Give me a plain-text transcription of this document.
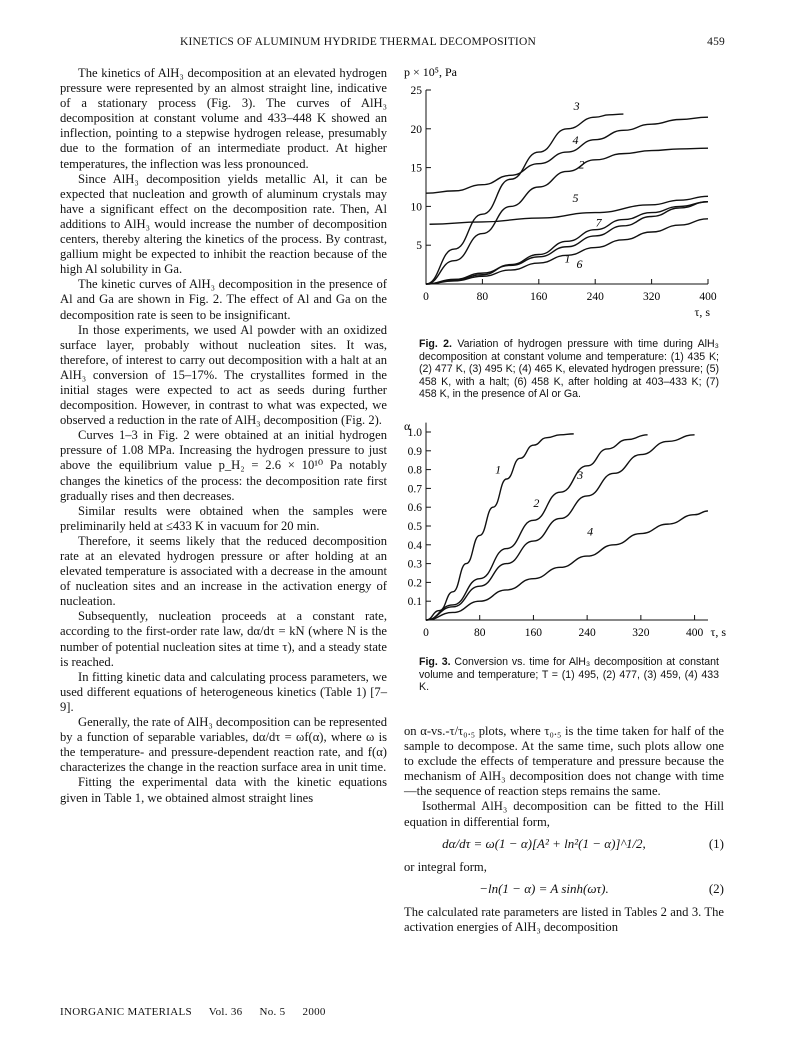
KINETICS OF ALUMINUM HYDRIDE THERMAL DECOMPOSITION	459

The kinetics of AlH₃ decomposition at an elevated hydrogen pressure were represented by an almost straight line, indicative of a stationary process (Fig. 3). The curves of AlH₃ decomposition at constant volume and 433–448 K showed an inflection, pointing to a stepwise hydrogen release, presumably due to the formation of an intermediate product. At higher temperatures, the inflection was less pronounced.

Since AlH₃ decomposition yields metallic Al, it can be expected that nucleation and growth of aluminum crystals may have a significant effect on the decomposition rate. Then, Al additions to AlH₃ would increase the number of decomposition centers, thereby altering the kinetics of the process. By contrast, gallium might be expected to inhibit the reaction because of the high Al solubility in Ga.

The kinetic curves of AlH₃ decomposition in the presence of Al and Ga are shown in Fig. 2. The effect of Al and Ga on the decomposition rate is seen to be insignificant.

In those experiments, we used Al powder with an oxidized surface layer, probably without nucleation sites. It was, therefore, of interest to carry out decomposition with a halt at an AlH₃ conversion of 15–17%. The crystallites formed in the initial stages were expected to act as seeds during further decomposition. However, in contrast to what was expected, we observed a reduction in the rate of AlH₃ decomposition (Fig. 2).

Curves 1–3 in Fig. 2 were obtained at an initial hydrogen pressure of 1.08 MPa. Increasing the hydrogen pressure to just above the equilibrium value p_H₂ = 2.6 × 10¹⁰ Pa notably changes the kinetics of the process: the decomposition rate first gradually rises and then decreases.

Similar results were obtained when the samples were preliminarily held at ≤433 K in vacuum for 20 min.

Therefore, it seems likely that the reduced decomposition rate at an elevated hydrogen pressure or after holding at an elevated temperature is associated with a decrease in the amount of nucleation sites and an increase in the activation energy of nucleation.

Subsequently, nucleation proceeds at a constant rate, according to the first-order rate law, dα/dτ = kN (where N is the number of potential nucleation sites at time τ), and a steady state is reached.

In fitting kinetic data and calculating process parameters, we used different equations of heterogeneous kinetics (Table 1) [7–9].

Generally, the rate of AlH₃ decomposition can be represented by a function of separable variables, dα/dτ = ωf(α), where ω is the temperature- and pressure-dependent reaction rate, and f(α) characterizes the change in the reaction surface area in unit time.

Fitting the experimental data with the kinetic equations given in Table 1, we obtained almost straight lines

5
10
15
20
25
0	80	160	240	320	400
p × 10⁵, Pa
τ, s
1
2
3
4
5
6
7
Fig. 2. Variation of hydrogen pressure with time during AlH₃ decomposition at constant volume and temperature: (1) 435 K; (2) 477 K, (3) 495 K; (4) 465 K, elevated hydrogen pressure; (5) 458 K, with a halt; (6) 458 K, after holding at 403–433 K; (7) 458 K, in the presence of Al or Ga.
0.1
0.2
0.3
0.4
0.5
0.6
0.7
0.8
0.9
1.0
0	80	160	240	320	400
α
τ, s
1
2
3
4
Fig. 3. Conversion vs. time for AlH₃ decomposition at constant volume and temperature; T = (1) 495, (2) 477, (3) 459, (4) 433 K.

on α-vs.-τ/τ₀.₅ plots, where τ₀.₅ is the time taken for half of the sample to decompose. At the same time, such plots allow one to exclude the effects of temperature and pressure because the mechanism of AlH₃ decomposition does not change with time—the sequence of reaction steps remains the same.

Isothermal AlH₃ decomposition can be fitted to the Hill equation in differential form,

dα/dτ = ω(1 − α)[A² + ln²(1 − α)]^1/2,	(1)

or integral form,

−ln(1 − α) = A sinh(ωτ).	(2)

The calculated rate parameters are listed in Tables 2 and 3. The activation energies of AlH₃ decomposition

INORGANIC MATERIALS Vol. 36 No. 5 2000
